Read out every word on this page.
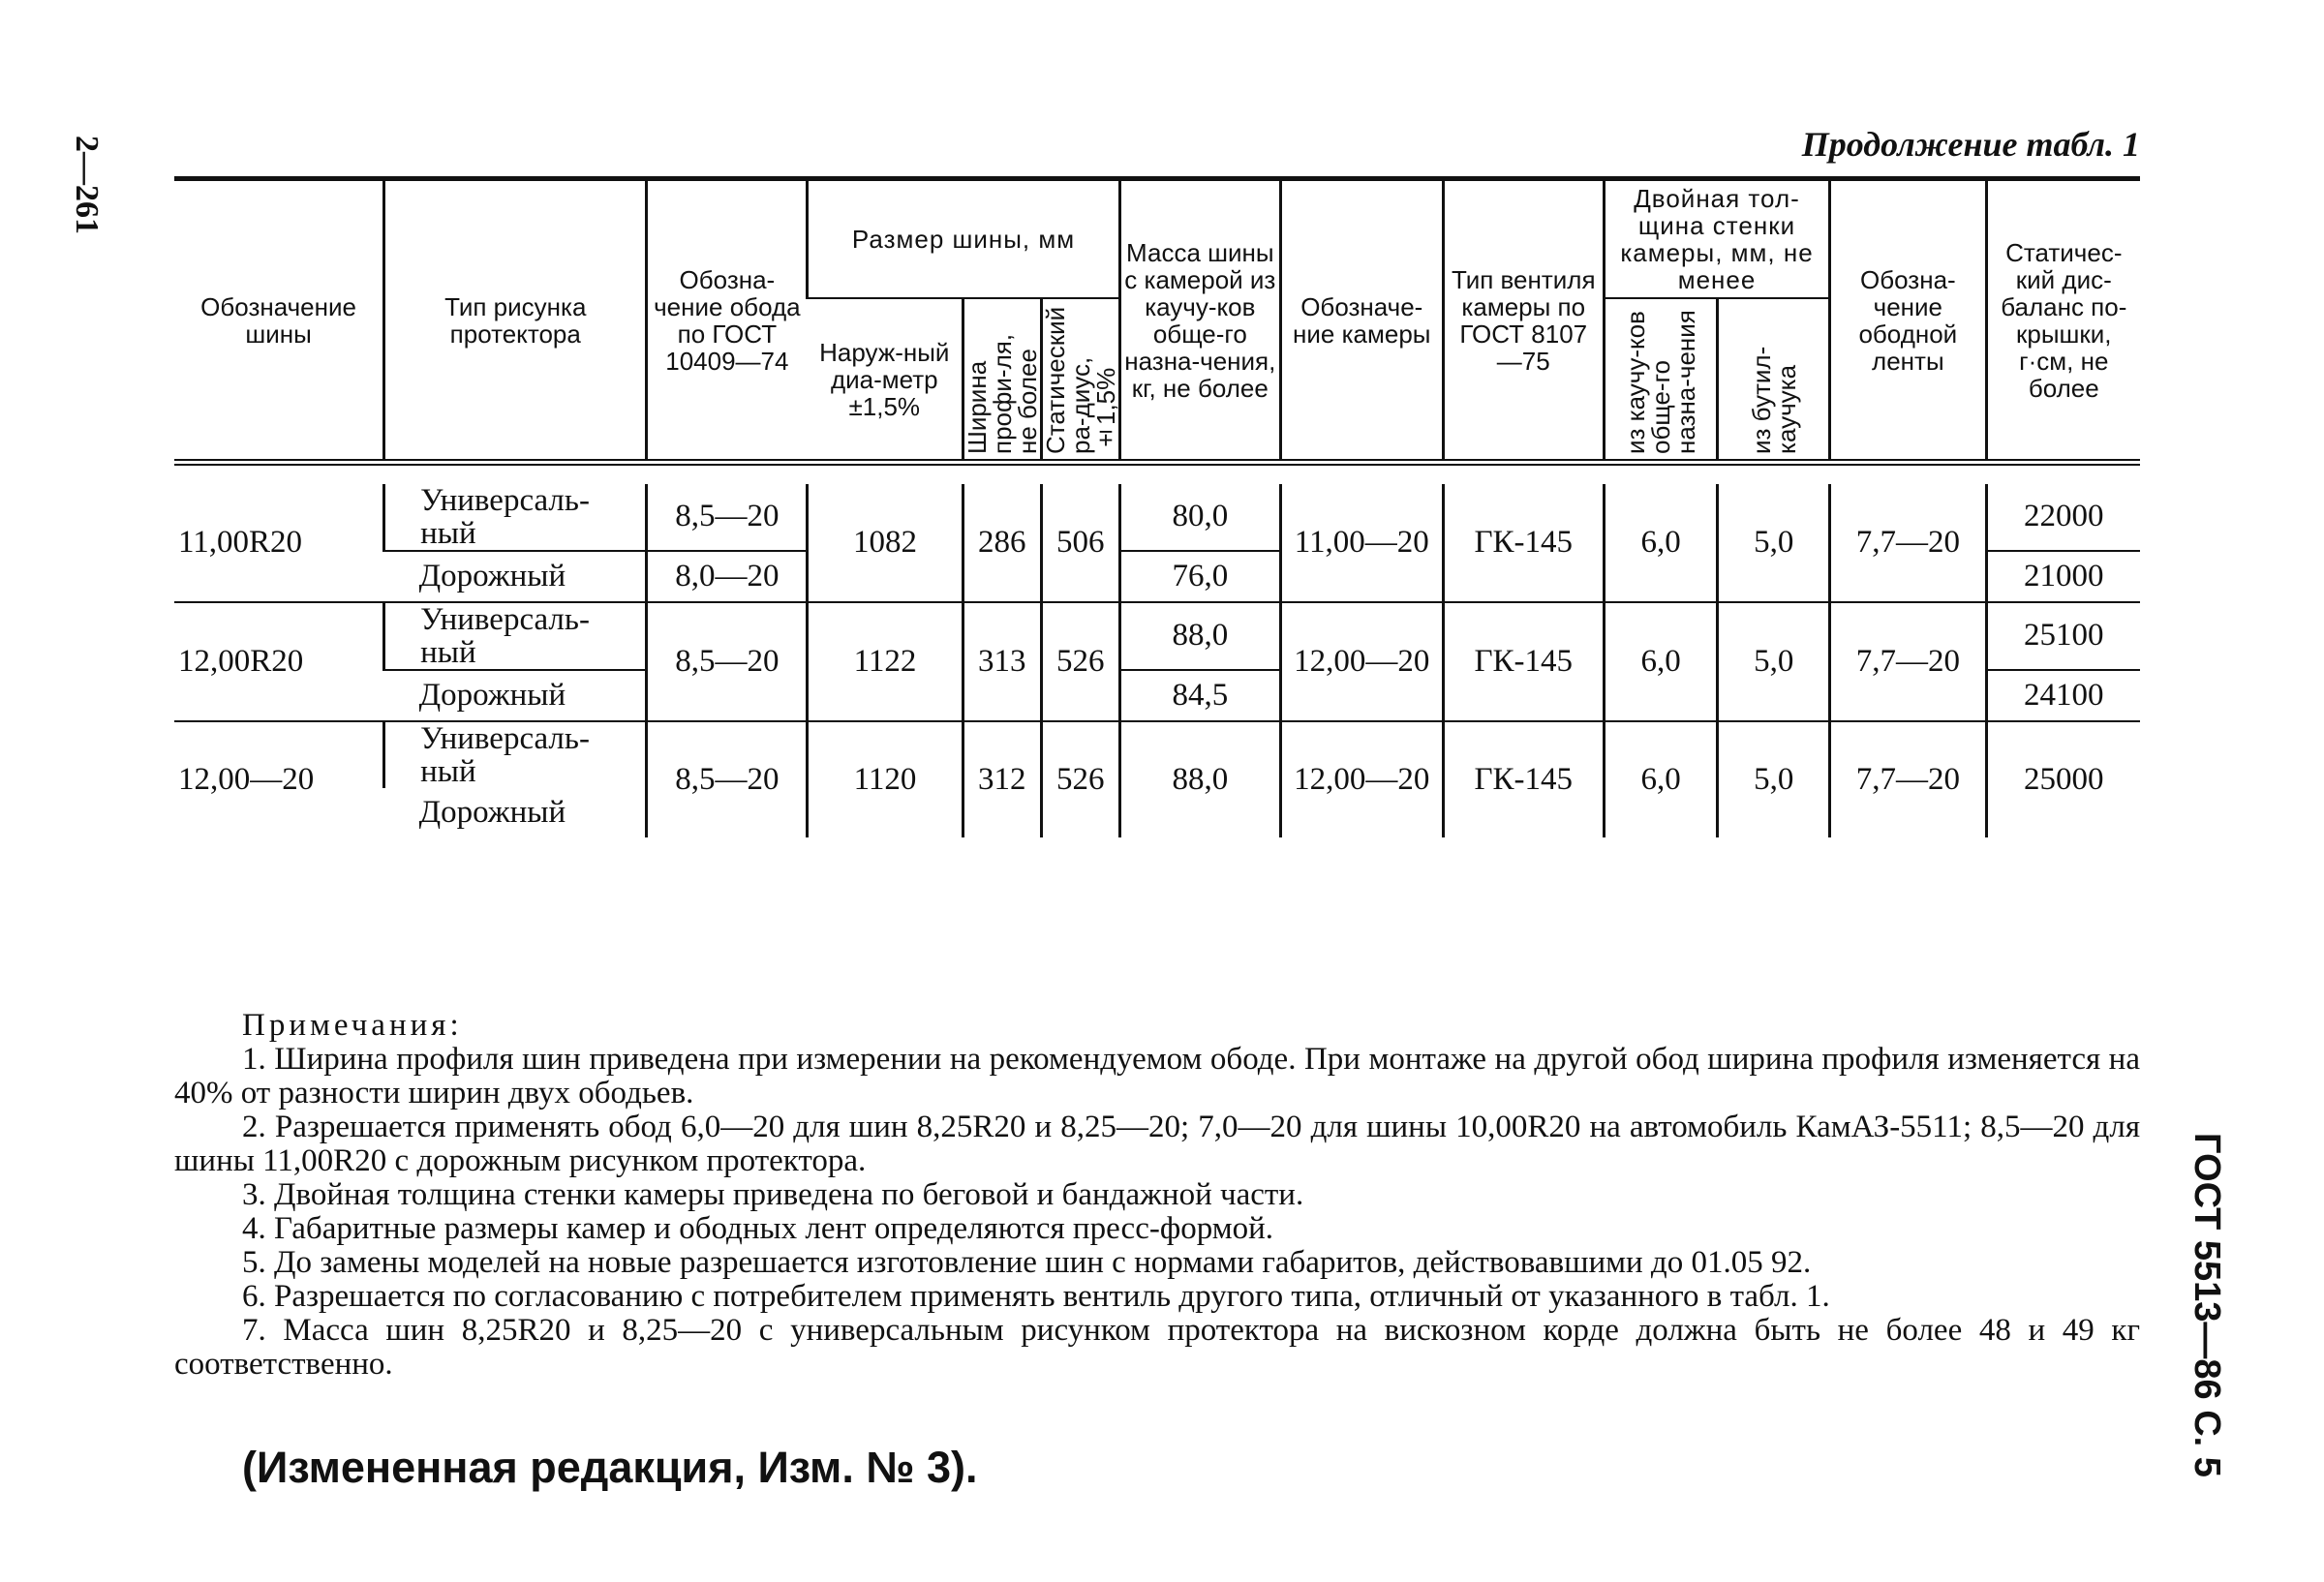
2—261
ГОСТ 5513—86 С. 5
Продолжение табл. 1
Обозначение шины	Тип рисунка протектора	Обозна-чение обода по ГОСТ 10409—74	Размер шины, мм			Масса шины с камерой из каучу-ков обще-го назна-чения, кг, не более	Обозначе-ние камеры	Тип вентиля камеры по ГОСТ 8107—75	Двойная тол-щина стенки камеры, мм, не менее		Обозна-чение ободной ленты	Статичес-кий дис-баланс по-крышки, г·см, не более
			Наруж-ный диа-метр ±1,5%	Ширина профи-ля, не более	Статический ра-диус, ±1,5%				из каучу-ков обще-го назна-чения	из бутил-каучука		

11,00R20	Универсаль-ный	8,5—20	1082	286	506	80,0	11,00—20	ГК-145	6,0	5,0	7,7—20	22000

	Дорожный	8,0—20				76,0						21000
12,00R20	Универсаль-ный	8,5—20	1122	313	526	88,0	12,00—20	ГК-145	6,0	5,0	7,7—20	25100

	Дорожный					84,5						24100
12,00—20	Универсаль-ный	8,5—20	1120	312	526	88,0	12,00—20	ГК-145	6,0	5,0	7,7—20	25000

	Дорожный											
Примечания:

1. Ширина профиля шин приведена при измерении на рекомендуемом ободе. При монтаже на другой обод ширина профиля изменяется на 40% от разности ширин двух ободьев.

2. Разрешается применять обод 6,0—20 для шин 8,25R20 и 8,25—20; 7,0—20 для шины 10,00R20 на автомобиль КамАЗ-5511; 8,5—20 для шины 11,00R20 с дорожным рисунком протектора.

3. Двойная толщина стенки камеры приведена по беговой и бандажной части.

4. Габаритные размеры камер и ободных лент определяются пресс-формой.

5. До замены моделей на новые разрешается изготовление шин с нормами габаритов, действовавшими до 01.05 92.

6. Разрешается по согласованию с потребителем применять вентиль другого типа, отличный от указанного в табл. 1.

7. Масса шин 8,25R20 и 8,25—20 с универсальным рисунком протектора на вискозном корде должна быть не более 48 и 49 кг соответственно.

(Измененная редакция, Изм. № 3).
